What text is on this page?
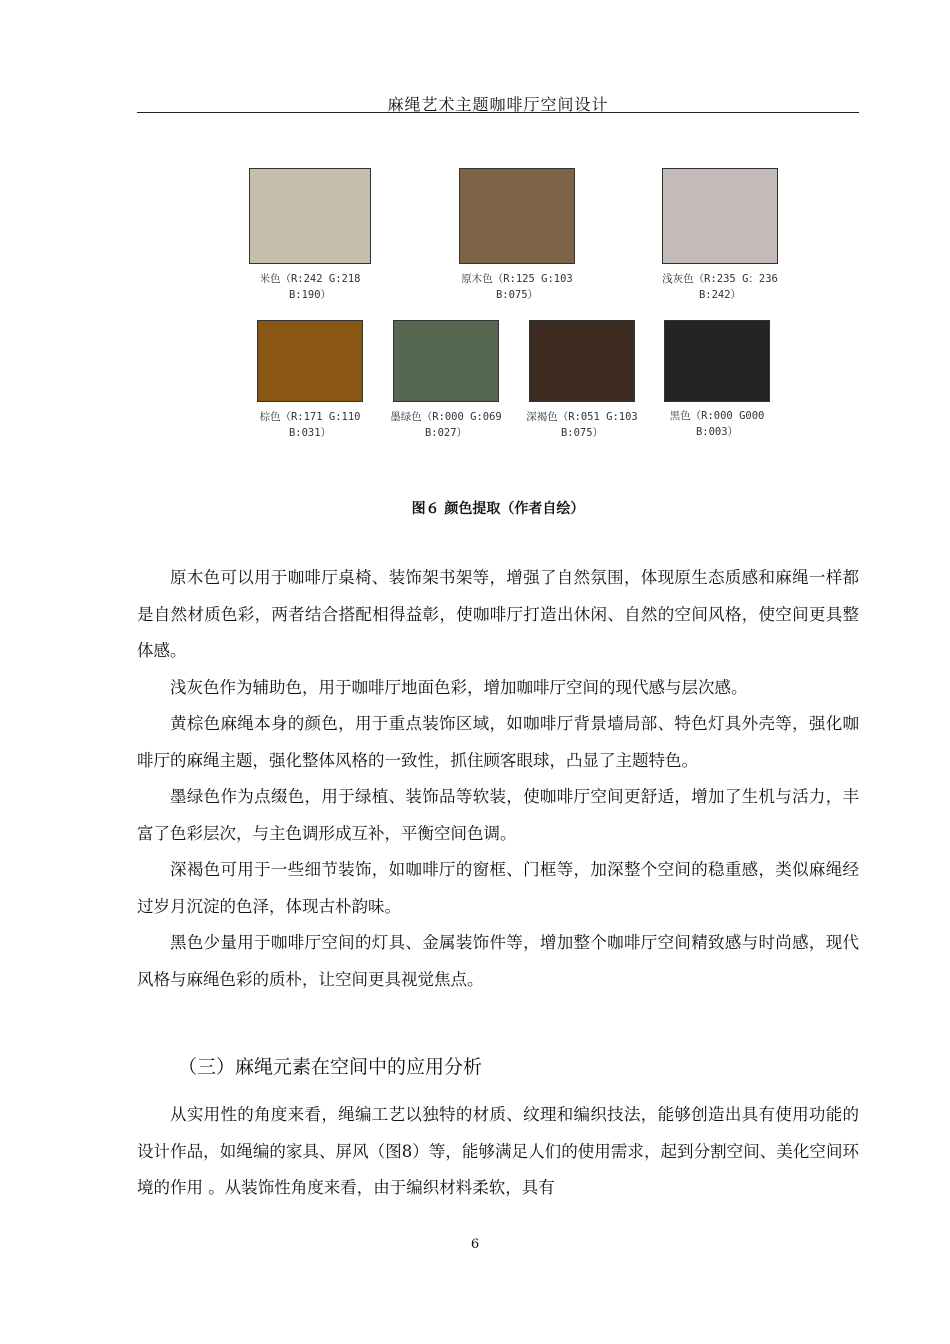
麻绳艺术主题咖啡厅空间设计
米色（R:242 G:218
B:190）
原木色（R:125 G:103
B:075）
浅灰色（R:235 G：236
B:242）
棕色（R:171 G:110
B:031）
墨绿色（R:000 G:069
B:027）
深褐色（R:051 G:103
B:075）
黑色（R:000 G000
B:003）
图６ 颜色提取（作者自绘）

原木色可以用于咖啡厅桌椅、装饰架书架等，增强了自然氛围，体现原生态质感和麻绳一样都是自然材质色彩，两者结合搭配相得益彰，使咖啡厅打造出休闲、自然的空间风格，使空间更具整体感。

浅灰色作为辅助色，用于咖啡厅地面色彩，增加咖啡厅空间的现代感与层次感。

黄棕色麻绳本身的颜色，用于重点装饰区域，如咖啡厅背景墙局部、特色灯具外壳等，强化咖啡厅的麻绳主题，强化整体风格的一致性，抓住顾客眼球，凸显了主题特色。

墨绿色作为点缀色，用于绿植、装饰品等软装，使咖啡厅空间更舒适，增加了生机与活力，丰富了色彩层次，与主色调形成互补，平衡空间色调。

深褐色可用于一些细节装饰，如咖啡厅的窗框、门框等，加深整个空间的稳重感，类似麻绳经过岁月沉淀的色泽，体现古朴韵味。

黑色少量用于咖啡厅空间的灯具、金属装饰件等，增加整个咖啡厅空间精致感与时尚感，现代风格与麻绳色彩的质朴，让空间更具视觉焦点。

（三）麻绳元素在空间中的应用分析

从实用性的角度来看，绳编工艺以独特的材质、纹理和编织技法，能够创造出具有使用功能的设计作品，如绳编的家具、屏风（图8）等，能够满足人们的使用需求，起到分割空间、美化空间环境的作用 。从装饰性角度来看，由于编织材料柔软，具有

6
